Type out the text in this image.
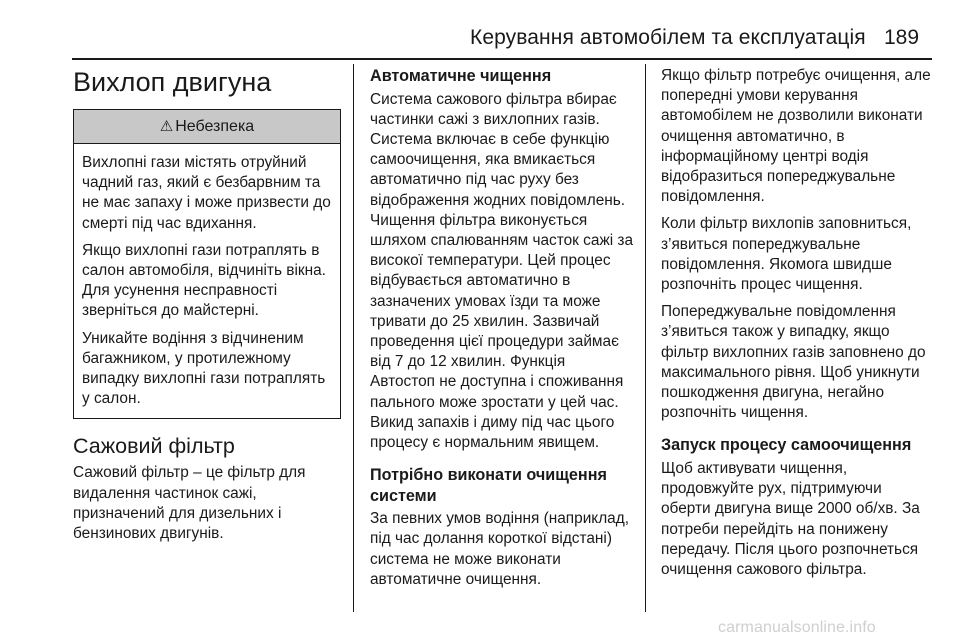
Керування автомобілем та експлуатація 189
Вихлоп двигуна
⚠ Небезпека

Вихлопні гази містять отруйний чадний газ, який є безбарвним та не має запаху і може призвести до смерті під час вдихання.

Якщо вихлопні гази потраплять в салон автомобіля, відчиніть вікна. Для усунення несправності зверніться до майстерні.

Уникайте водіння з відчиненим багажником, у протилежному випадку вихлопні гази потраплять у салон.

Сажовий фільтр

Сажовий фільтр – це фільтр для видалення частинок сажі, призначений для дизельних і бензинових двигунів.

Автоматичне чищення

Система сажового фільтра вбирає частинки сажі з вихлопних газів. Система включає в себе функцію самоочищення, яка вмикається автоматично під час руху без відображення жодних повідомлень. Чищення фільтра виконується шляхом спалюванням часток сажі за високої температури. Цей процес відбувається автоматично в зазначених умовах їзди та може тривати до 25 хвилин. Зазвичай проведення цієї процедури займає від 7 до 12 хвилин. Функція Автостоп не доступна і споживання пального може зростати у цей час. Викид запахів і диму під час цього процесу є нормальним явищем.

Потрібно виконати очищення системи

За певних умов водіння (наприклад, під час долання короткої відстані) система не може виконати автоматичне очищення.

Якщо фільтр потребує очищення, але попередні умови керування автомобілем не дозволили виконати очищення автоматично, в інформаційному центрі водія відобразиться попереджувальне повідомлення.

Коли фільтр вихлопів заповниться, з’явиться попереджувальне повідомлення. Якомога швидше розпочніть процес чищення.

Попереджувальне повідомлення з’явиться також у випадку, якщо фільтр вихлопних газів заповнено до максимального рівня. Щоб уникнути пошкодження двигуна, негайно розпочніть чищення.

Запуск процесу самоочищення

Щоб активувати чищення, продовжуйте рух, підтримуючи оберти двигуна вище 2000 об/хв. За потреби перейдіть на понижену передачу. Після цього розпочнеться очищення сажового фільтра.

carmanualsonline.info
